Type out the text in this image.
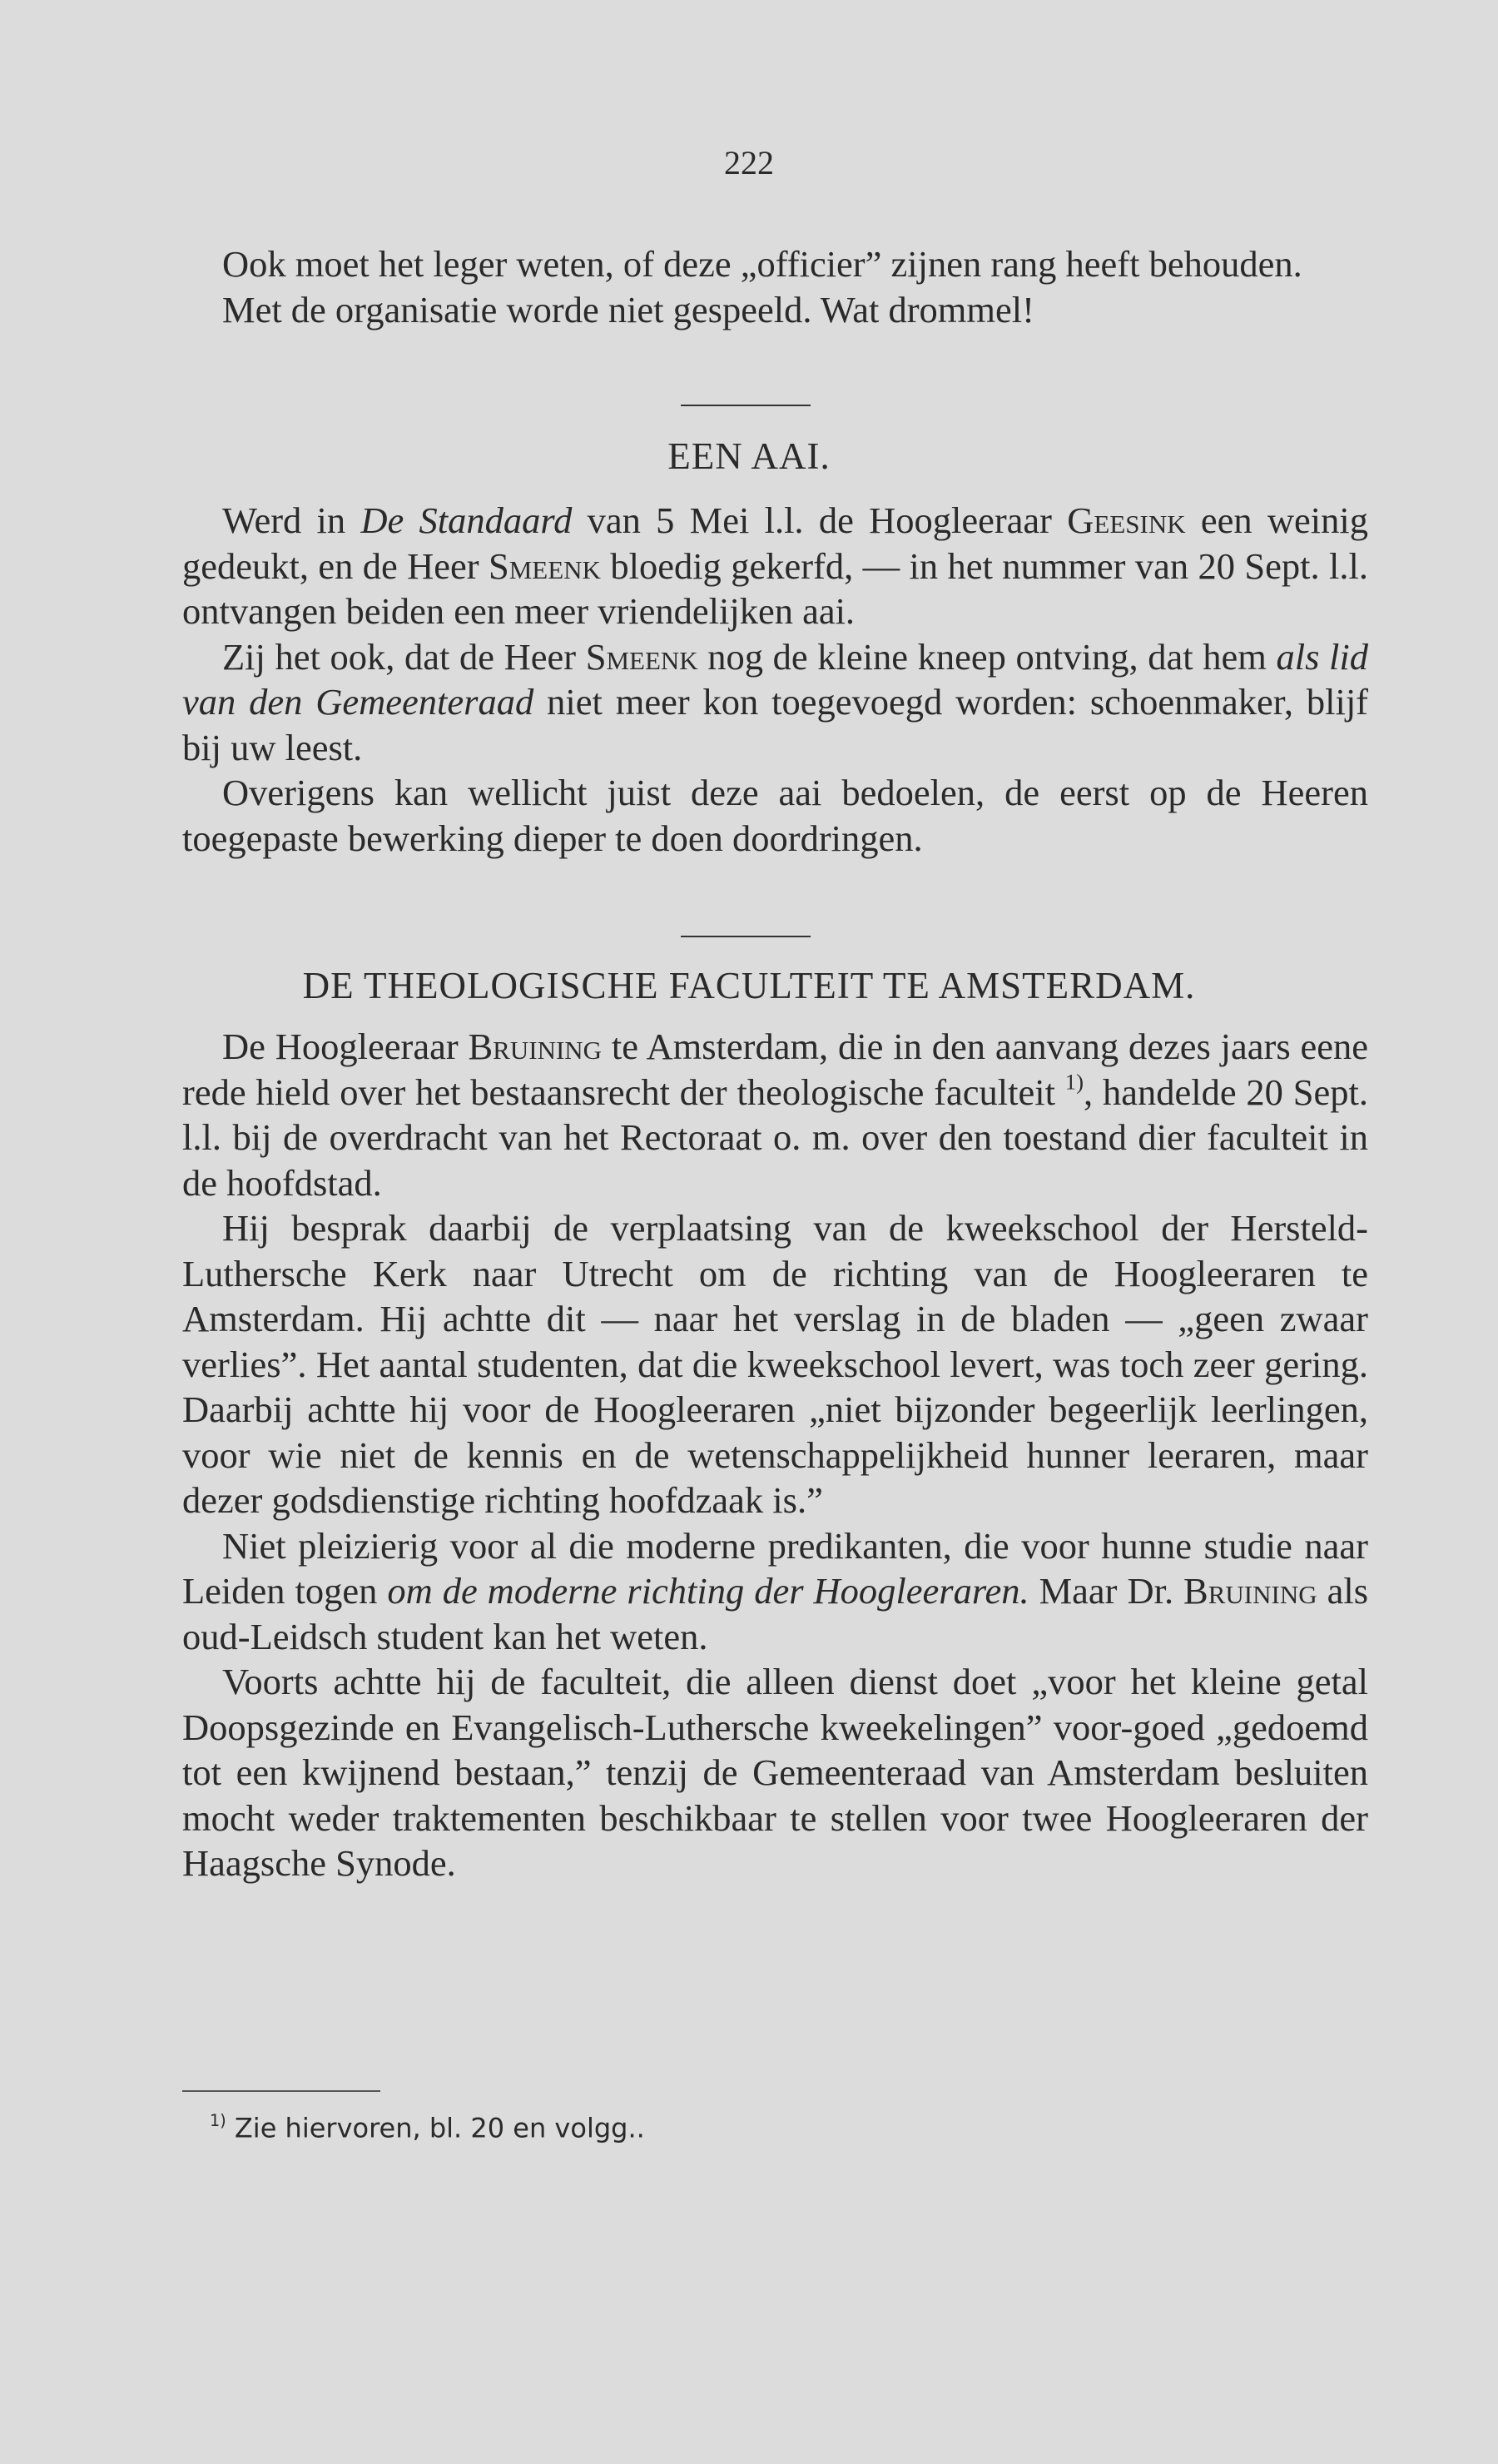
222

Ook moet het leger weten, of deze „officier” zijnen rang heeft behouden.

Met de organisatie worde niet gespeeld. Wat drommel!

EEN AAI.

Werd in De Standaard van 5 Mei l.l. de Hoogleeraar Geesink een weinig gedeukt, en de Heer Smeenk bloedig gekerfd, — in het nummer van 20 Sept. l.l. ontvangen beiden een meer vriendelijken aai.

Zij het ook, dat de Heer Smeenk nog de kleine kneep ontving, dat hem als lid van den Gemeenteraad niet meer kon toegevoegd worden: schoenmaker, blijf bij uw leest.

Overigens kan wellicht juist deze aai bedoelen, de eerst op de Heeren toegepaste bewerking dieper te doen doordringen.

DE THEOLOGISCHE FACULTEIT TE AMSTERDAM.

De Hoogleeraar Bruining te Amsterdam, die in den aanvang dezes jaars eene rede hield over het bestaansrecht der theologische faculteit $^{1)}$, handelde 20 Sept. l.l. bij de overdracht van het Rectoraat o. m. over den toestand dier faculteit in de hoofdstad.

Hij besprak daarbij de verplaatsing van de kweekschool der Hersteld-Luthersche Kerk naar Utrecht om de richting van de Hoogleeraren te Amsterdam. Hij achtte dit — naar het verslag in de bladen — „geen zwaar verlies”. Het aantal studenten, dat die kweekschool levert, was toch zeer gering. Daarbij achtte hij voor de Hoogleeraren „niet bijzonder begeerlijk leerlingen, voor wie niet de kennis en de wetenschappelijkheid hunner leeraren, maar dezer godsdienstige richting hoofdzaak is.”

Niet pleizierig voor al die moderne predikanten, die voor hunne studie naar Leiden togen om de moderne richting der Hoogleeraren. Maar Dr. Bruining als oud-Leidsch student kan het weten.

Voorts achtte hij de faculteit, die alleen dienst doet „voor het kleine getal Doopsgezinde en Evangelisch-Luthersche kweekelingen” voor-goed „gedoemd tot een kwijnend bestaan,” tenzij de Gemeenteraad van Amsterdam besluiten mocht weder traktementen beschikbaar te stellen voor twee Hoogleeraren der Haagsche Synode.

$^{1)}$ Zie hiervoren, bl. 20 en volgg..
